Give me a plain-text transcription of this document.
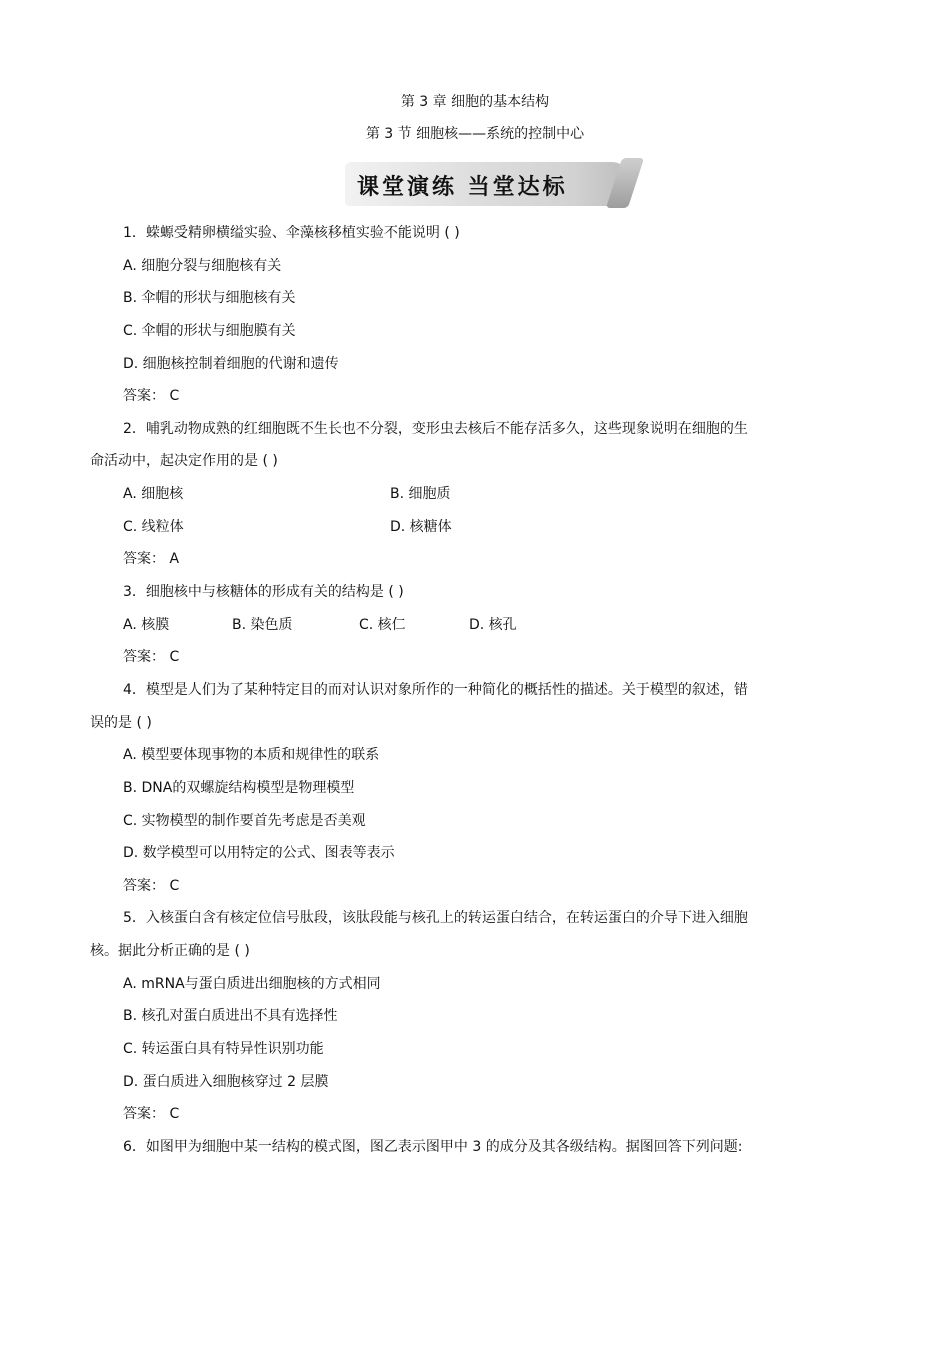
第 3 章 细胞的基本结构
第 3 节 细胞核——系统的控制中心
课堂演练 当堂达标
1．蝾螈受精卵横缢实验、伞藻核移植实验不能说明 ( )
A. 细胞分裂与细胞核有关
B. 伞帽的形状与细胞核有关
C. 伞帽的形状与细胞膜有关
D. 细胞核控制着细胞的代谢和遗传
答案： C
2．哺乳动物成熟的红细胞既不生长也不分裂，变形虫去核后不能存活多久，这些现象说明在细胞的生
命活动中，起决定作用的是 ( )
A. 细胞核	B. 细胞质
C. 线粒体	D. 核糖体
答案： A
3．细胞核中与核糖体的形成有关的结构是 ( )
A. 核膜	B. 染色质	C. 核仁	D. 核孔
答案： C
4．模型是人们为了某种特定目的而对认识对象所作的一种简化的概括性的描述。关于模型的叙述，错
误的是 ( )
A. 模型要体现事物的本质和规律性的联系
B. DNA的双螺旋结构模型是物理模型
C. 实物模型的制作要首先考虑是否美观
D. 数学模型可以用特定的公式、图表等表示
答案： C
5．入核蛋白含有核定位信号肽段，该肽段能与核孔上的转运蛋白结合，在转运蛋白的介导下进入细胞
核。据此分析正确的是 ( )
A. mRNA与蛋白质进出细胞核的方式相同
B. 核孔对蛋白质进出不具有选择性
C. 转运蛋白具有特异性识别功能
D. 蛋白质进入细胞核穿过 2 层膜
答案： C
6．如图甲为细胞中某一结构的模式图，图乙表示图甲中 3 的成分及其各级结构。据图回答下列问题:
